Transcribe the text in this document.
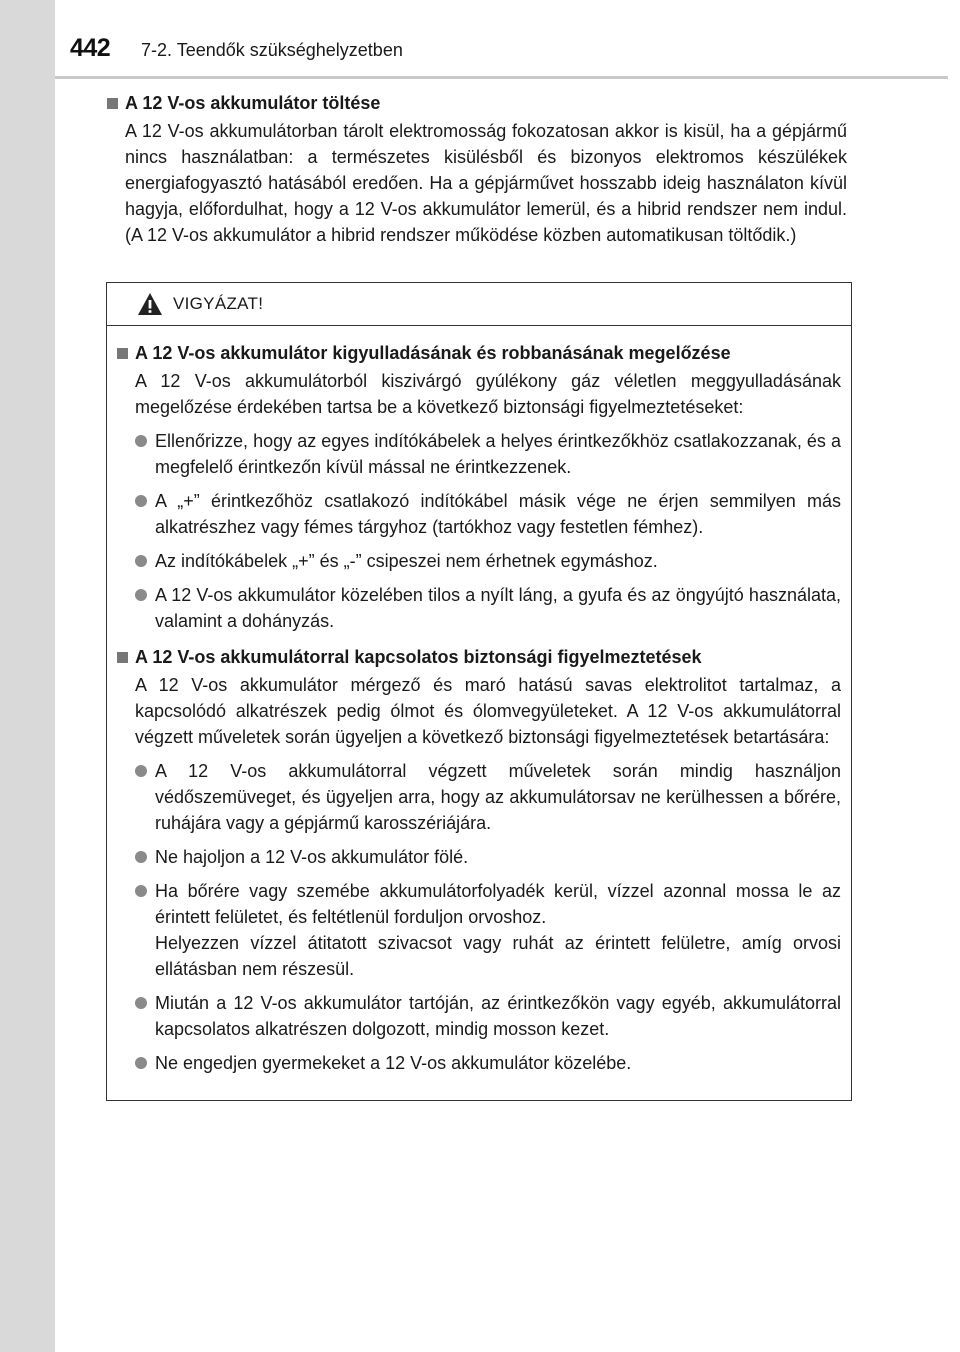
442 7-2. Teendők szükséghelyzetben
A 12 V-os akkumulátor töltése
A 12 V-os akkumulátorban tárolt elektromosság fokozatosan akkor is kisül, ha a gépjármű nincs használatban: a természetes kisülésből és bizonyos elektromos készülékek energiafogyasztó hatásából eredően. Ha a gépjárművet hosszabb ideig használaton kívül hagyja, előfordulhat, hogy a 12 V-os akkumulátor lemerül, és a hibrid rendszer nem indul. (A 12 V-os akkumulátor a hibrid rendszer működése közben automatikusan töltődik.)
VIGYÁZAT!
A 12 V-os akkumulátor kigyulladásának és robbanásának megelőzése
A 12 V-os akkumulátorból kiszivárgó gyúlékony gáz véletlen meggyulladásának megelőzése érdekében tartsa be a következő biztonsági figyelmeztetéseket:
Ellenőrizze, hogy az egyes indítókábelek a helyes érintkezőkhöz csatlakozzanak, és a megfelelő érintkezőn kívül mással ne érintkezzenek.
A „+” érintkezőhöz csatlakozó indítókábel másik vége ne érjen semmilyen más alkatrészhez vagy fémes tárgyhoz (tartókhoz vagy festetlen fémhez).
Az indítókábelek „+” és „-” csipeszei nem érhetnek egymáshoz.
A 12 V-os akkumulátor közelében tilos a nyílt láng, a gyufa és az öngyújtó használata, valamint a dohányzás.
A 12 V-os akkumulátorral kapcsolatos biztonsági figyelmeztetések
A 12 V-os akkumulátor mérgező és maró hatású savas elektrolitot tartalmaz, a kapcsolódó alkatrészek pedig ólmot és ólomvegyületeket. A 12 V-os akkumulátorral végzett műveletek során ügyeljen a következő biztonsági figyelmeztetések betartására:
A 12 V-os akkumulátorral végzett műveletek során mindig használjon védőszemüveget, és ügyeljen arra, hogy az akkumulátorsav ne kerülhessen a bőrére, ruhájára vagy a gépjármű karosszériájára.
Ne hajoljon a 12 V-os akkumulátor fölé.
Ha bőrére vagy szemébe akkumulátorfolyadék kerül, vízzel azonnal mossa le az érintett felületet, és feltétlenül forduljon orvoshoz.
Helyezzen vízzel átitatott szivacsot vagy ruhát az érintett felületre, amíg orvosi ellátásban nem részesül.
Miután a 12 V-os akkumulátor tartóján, az érintkezőkön vagy egyéb, akkumulátorral kapcsolatos alkatrészen dolgozott, mindig mosson kezet.
Ne engedjen gyermekeket a 12 V-os akkumulátor közelébe.
